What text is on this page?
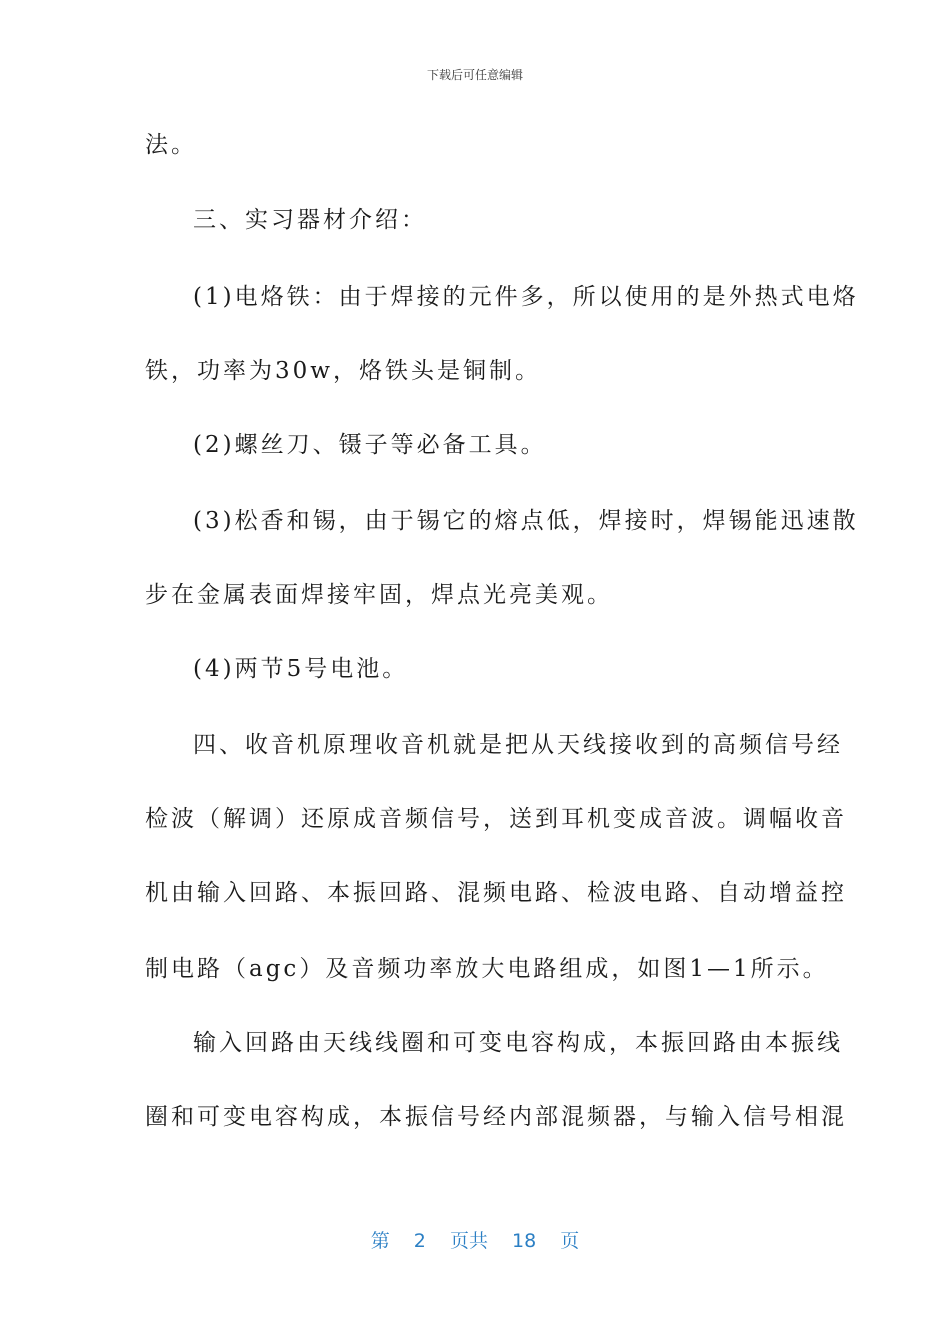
下载后可任意编辑
法。
三、实习器材介绍：
(1)电烙铁：由于焊接的元件多，所以使用的是外热式电烙
铁，功率为30w，烙铁头是铜制。
(2)螺丝刀、镊子等必备工具。
(3)松香和锡，由于锡它的熔点低，焊接时，焊锡能迅速散
步在金属表面焊接牢固，焊点光亮美观。
(4)两节5号电池。
四、收音机原理收音机就是把从天线接收到的高频信号经
检波（解调）还原成音频信号，送到耳机变成音波。调幅收音
机由输入回路、本振回路、混频电路、检波电路、自动增益控
制电路（agc）及音频功率放大电路组成，如图1—1所示。
输入回路由天线线圈和可变电容构成，本振回路由本振线
圈和可变电容构成，本振信号经内部混频器，与输入信号相混
第 2 页共 18 页
